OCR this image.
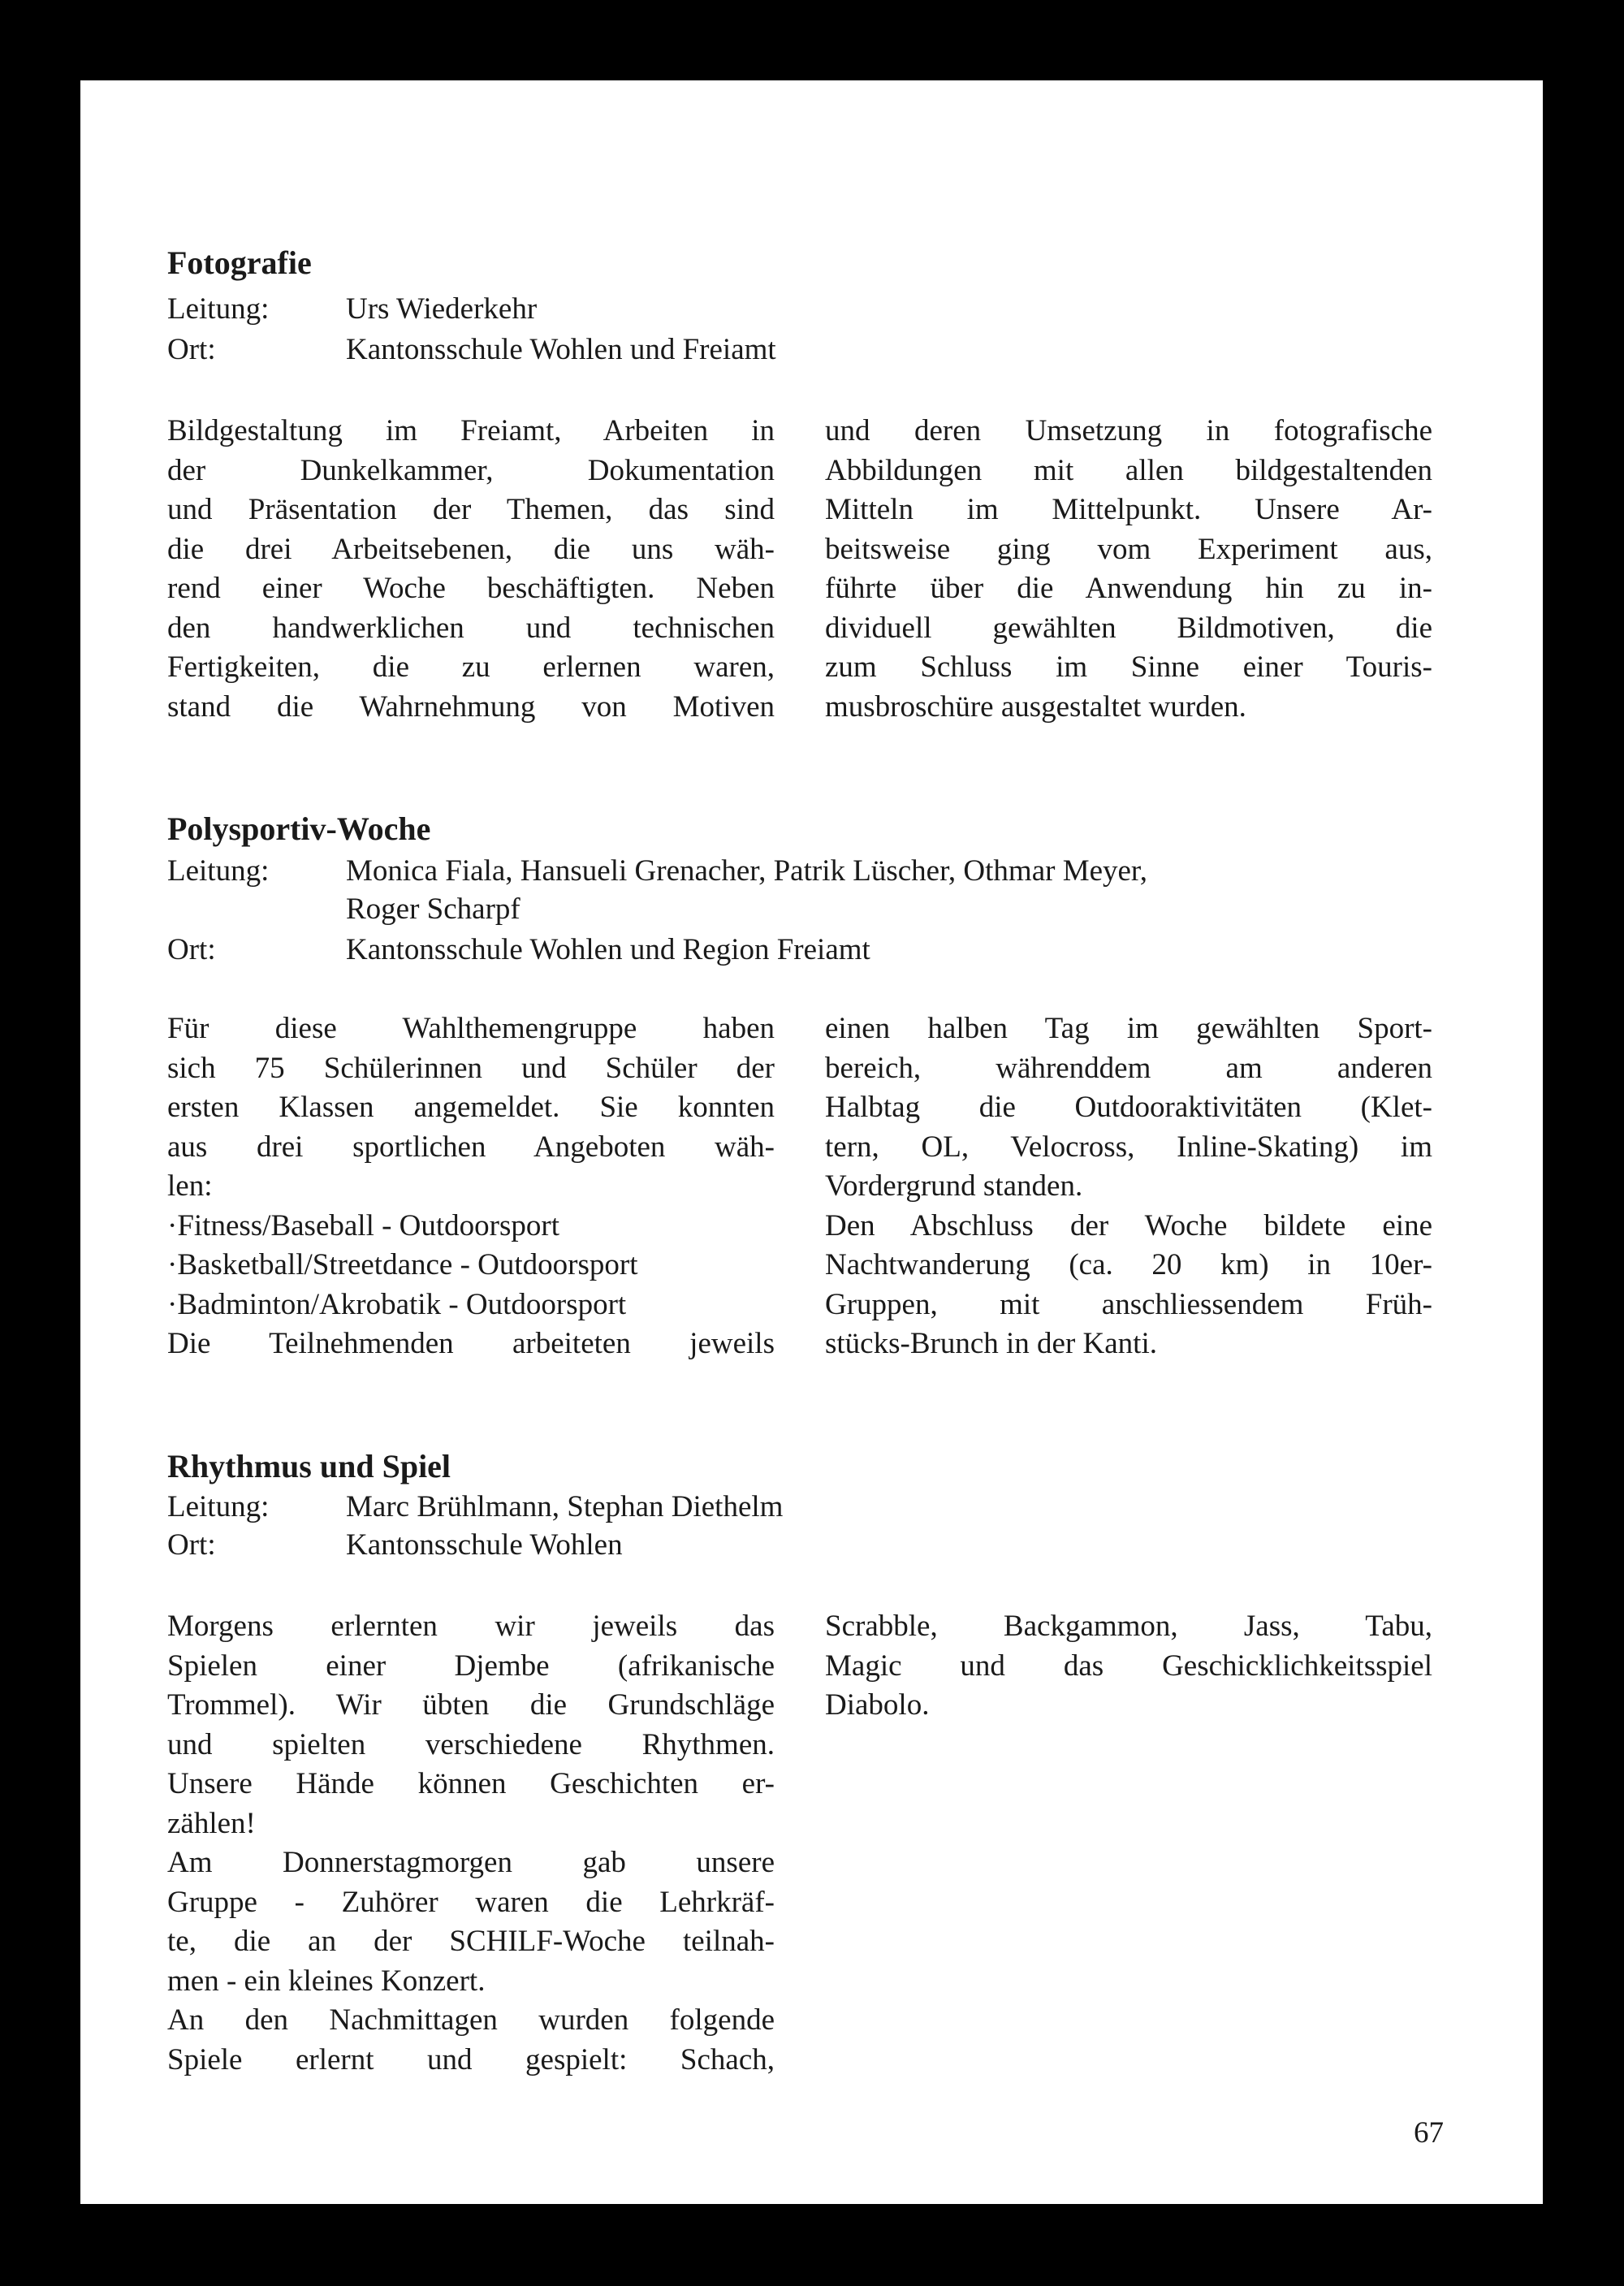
67
Fotografie
Leitung:	Urs Wiederkehr
Ort:	Kantonsschule Wohlen und Freiamt
Bildgestaltung im Freiamt, Arbeiten in
der Dunkelkammer, Dokumentation
und Präsentation der Themen, das sind
die drei Arbeitsebenen, die uns wäh-
rend einer Woche beschäftigten. Neben
den handwerklichen und technischen
Fertigkeiten, die zu erlernen waren,
stand die Wahrnehmung von Motiven
und deren Umsetzung in fotografische
Abbildungen mit allen bildgestaltenden
Mitteln im Mittelpunkt. Unsere Ar-
beitsweise ging vom Experiment aus,
führte über die Anwendung hin zu in-
dividuell gewählten Bildmotiven, die
zum Schluss im Sinne einer Touris-
musbroschüre ausgestaltet wurden.
Polysportiv-Woche
Leitung:	Monica Fiala, Hansueli Grenacher, Patrik Lüscher, Othmar Meyer,
Roger Scharpf
Ort:	Kantonsschule Wohlen und Region Freiamt
Für diese Wahlthemengruppe haben
sich 75 Schülerinnen und Schüler der
ersten Klassen angemeldet. Sie konnten
aus drei sportlichen Angeboten wäh-
len:
·Fitness/Baseball - Outdoorsport
·Basketball/Streetdance - Outdoorsport
·Badminton/Akrobatik - Outdoorsport
Die Teilnehmenden arbeiteten jeweils
einen halben Tag im gewählten Sport-
bereich, währenddem am anderen
Halbtag die Outdooraktivitäten (Klet-
tern, OL, Velocross, Inline-Skating) im
Vordergrund standen.
Den Abschluss der Woche bildete eine
Nachtwanderung (ca. 20 km) in 10er-
Gruppen, mit anschliessendem Früh-
stücks-Brunch in der Kanti.
Rhythmus und Spiel
Leitung:	Marc Brühlmann, Stephan Diethelm
Ort:	Kantonsschule Wohlen
Morgens erlernten wir jeweils das
Spielen einer Djembe (afrikanische
Trommel). Wir übten die Grundschläge
und spielten verschiedene Rhythmen.
Unsere Hände können Geschichten er-
zählen!
Am Donnerstagmorgen gab unsere
Gruppe - Zuhörer waren die Lehrkräf-
te, die an der SCHILF-Woche teilnah-
men - ein kleines Konzert.
An den Nachmittagen wurden folgende
Spiele erlernt und gespielt: Schach,
Scrabble, Backgammon, Jass, Tabu,
Magic und das Geschicklichkeitsspiel
Diabolo.
